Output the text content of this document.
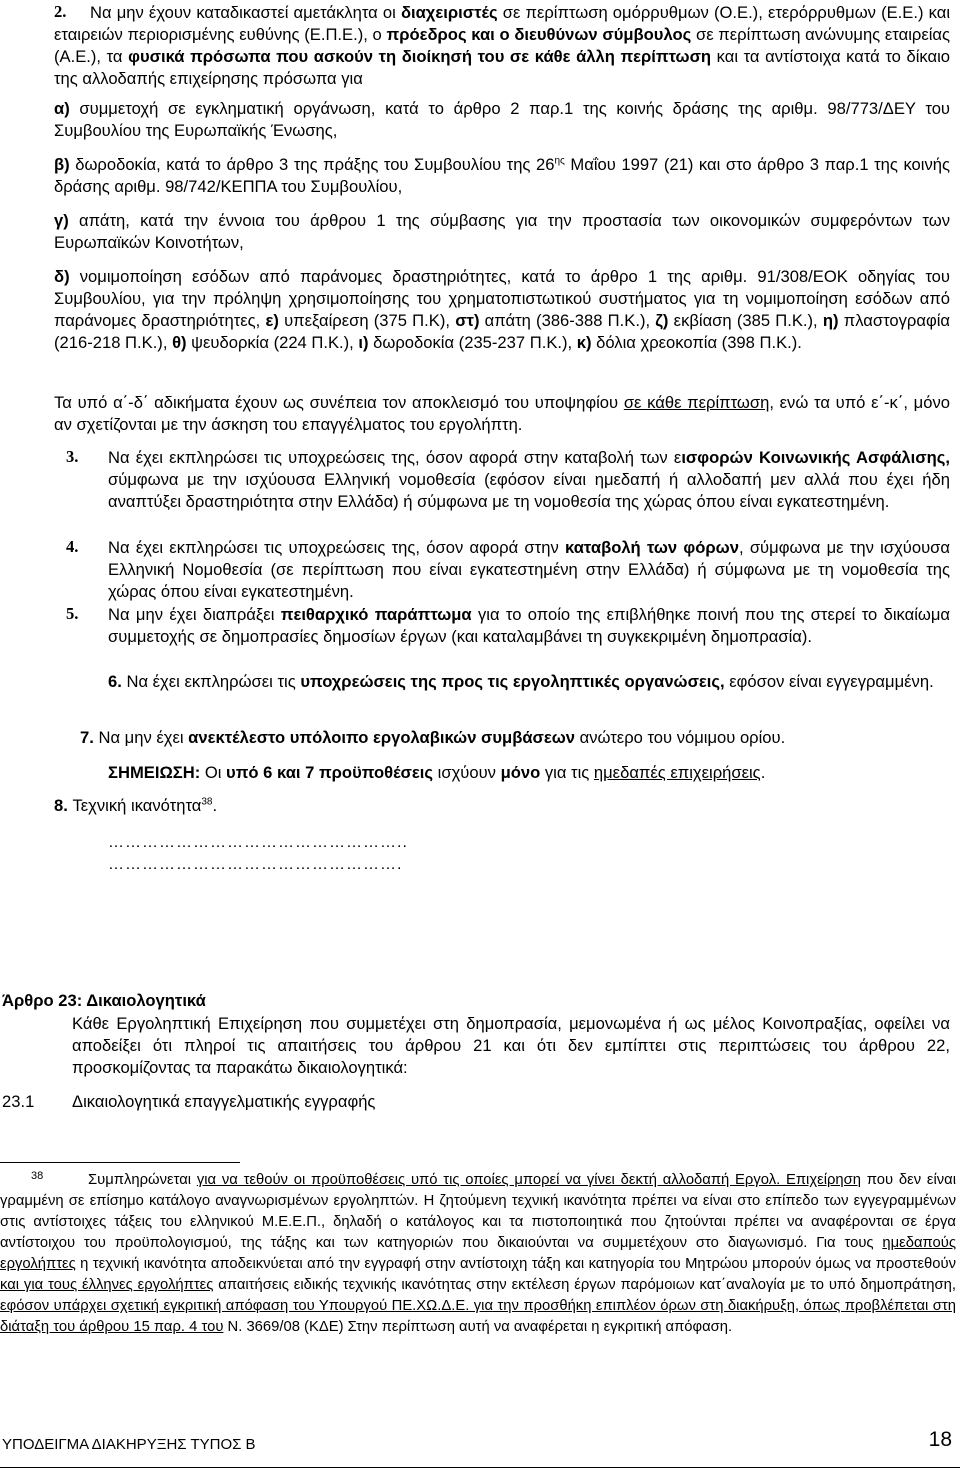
2.	Να μην έχουν καταδικαστεί αμετάκλητα οι διαχειριστές σε περίπτωση ομόρρυθμων (Ο.Ε.), ετερόρρυθμων (Ε.Ε.) και εταιρειών περιορισμένης ευθύνης (Ε.Π.Ε.), ο πρόεδρος και ο διευθύνων σύμβουλος σε περίπτωση ανώνυμης εταιρείας (Α.Ε.), τα φυσικά πρόσωπα που ασκούν τη διοίκησή του σε κάθε άλλη περίπτωση και τα αντίστοιχα κατά το δίκαιο της αλλοδαπής επιχείρησης πρόσωπα για

α) συμμετοχή σε εγκληματική οργάνωση, κατά το άρθρο 2 παρ.1 της κοινής δράσης της αριθμ. 98/773/ΔΕΥ του Συμβουλίου της Ευρωπαϊκής Ένωσης,

β) δωροδοκία, κατά το άρθρο 3 της πράξης του Συμβουλίου της $26^{\eta\varsigma}$ Μαΐου 1997 (21) και στο άρθρο 3 παρ.1 της κοινής δράσης αριθμ. 98/742/ΚΕΠΠΑ του Συμβουλίου,

γ) απάτη, κατά την έννοια του άρθρου 1 της σύμβασης για την προστασία των οικονομικών συμφερόντων των Ευρωπαϊκών Κοινοτήτων,

δ) νομιμοποίηση εσόδων από παράνομες δραστηριότητες, κατά το άρθρο 1 της αριθμ. 91/308/ΕΟΚ οδηγίας του Συμβουλίου, για την πρόληψη χρησιμοποίησης του χρηματοπιστωτικού συστήματος για τη νομιμοποίηση εσόδων από παράνομες δραστηριότητες, ε) υπεξαίρεση (375 Π.Κ), στ) απάτη (386-388 Π.Κ.), ζ) εκβίαση (385 Π.Κ.), η) πλαστογραφία (216-218 Π.Κ.), θ) ψευδορκία (224 Π.Κ.), ι) δωροδοκία (235-237 Π.Κ.), κ) δόλια χρεοκοπία (398 Π.Κ.).

Τα υπό α΄-δ΄ αδικήματα έχουν ως συνέπεια τον αποκλεισμό του υποψηφίου σε κάθε περίπτωση, ενώ τα υπό ε΄-κ΄, μόνο αν σχετίζονται με την άσκηση του επαγγέλματος του εργολήπτη.

3. Να έχει εκπληρώσει τις υποχρεώσεις της, όσον αφορά στην καταβολή των εισφορών Κοινωνικής Ασφάλισης, σύμφωνα με την ισχύουσα Ελληνική νομοθεσία (εφόσον είναι ημεδαπή ή αλλοδαπή μεν αλλά που έχει ήδη αναπτύξει δραστηριότητα στην Ελλάδα) ή σύμφωνα με τη νομοθεσία της χώρας όπου είναι εγκατεστημένη.

4. Να έχει εκπληρώσει τις υποχρεώσεις της, όσον αφορά στην καταβολή των φόρων, σύμφωνα με την ισχύουσα Ελληνική Νομοθεσία (σε περίπτωση που είναι εγκατεστημένη στην Ελλάδα) ή σύμφωνα με τη νομοθεσία της χώρας όπου είναι εγκατεστημένη.

5. Να μην έχει διαπράξει πειθαρχικό παράπτωμα για το οποίο της επιβλήθηκε ποινή που της στερεί το δικαίωμα συμμετοχής σε δημοπρασίες δημοσίων έργων (και καταλαμβάνει τη συγκεκριμένη δημοπρασία).

6. Να έχει εκπληρώσει τις υποχρεώσεις της προς τις εργοληπτικές οργανώσεις, εφόσον είναι εγγεγραμμένη.

7. Να μην έχει ανεκτέλεστο υπόλοιπο εργολαβικών συμβάσεων ανώτερο του νόμιμου ορίου.

ΣΗΜΕΙΩΣΗ: Οι υπό 6 και 7 προϋποθέσεις ισχύουν μόνο για τις ημεδαπές επιχειρήσεις.

8. Τεχνική ικανότητα$^{38}$.

……………………………………………..
…………………………………………….
Άρθρο 23: Δικαιολογητικά

Κάθε Εργοληπτική Επιχείρηση που συμμετέχει στη δημοπρασία, μεμονωμένα ή ως μέλος Κοινοπραξίας, οφείλει να αποδείξει ότι πληροί τις απαιτήσεις του άρθρου 21 και ότι δεν εμπίπτει στις περιπτώσεις του άρθρου 22, προσκομίζοντας τα παρακάτω δικαιολογητικά:

23.1 Δικαιολογητικά επαγγελματικής εγγραφής
38	Συμπληρώνεται για να τεθούν οι προϋποθέσεις υπό τις οποίες μπορεί να γίνει δεκτή αλλοδαπή Εργολ. Επιχείρηση που δεν είναι γραμμένη σε επίσημο κατάλογο αναγνωρισμένων εργοληπτών. Η ζητούμενη τεχνική ικανότητα πρέπει να είναι στο επίπεδο των εγγεγραμμένων στις αντίστοιχες τάξεις του ελληνικού Μ.Ε.Ε.Π., δηλαδή ο κατάλογος και τα πιστοποιητικά που ζητούνται πρέπει να αναφέρονται σε έργα αντίστοιχου του προϋπολογισμού, της τάξης και των κατηγοριών που δικαιούνται να συμμετέχουν στο διαγωνισμό. Για τους ημεδαπούς εργολήπτες η τεχνική ικανότητα αποδεικνύεται από την εγγραφή στην αντίστοιχη τάξη και κατηγορία του Μητρώου μπορούν όμως να προστεθούν και για τους έλληνες εργολήπτες απαιτήσεις ειδικής τεχνικής ικανότητας στην εκτέλεση έργων παρόμοιων κατ΄αναλογία με το υπό δημοπράτηση, εφόσον υπάρχει σχετική εγκριτική απόφαση του Υπουργού ΠΕ.ΧΩ.Δ.Ε. για την προσθήκη επιπλέον όρων στη διακήρυξη, όπως προβλέπεται στη διάταξη του άρθρου 15 παρ. 4 του Ν. 3669/08 (ΚΔΕ) Στην περίπτωση αυτή να αναφέρεται η εγκριτική απόφαση.

ΥΠΟΔΕΙΓΜΑ ΔΙΑΚΗΡΥΞΗΣ ΤΥΠΟΣ Β	18
